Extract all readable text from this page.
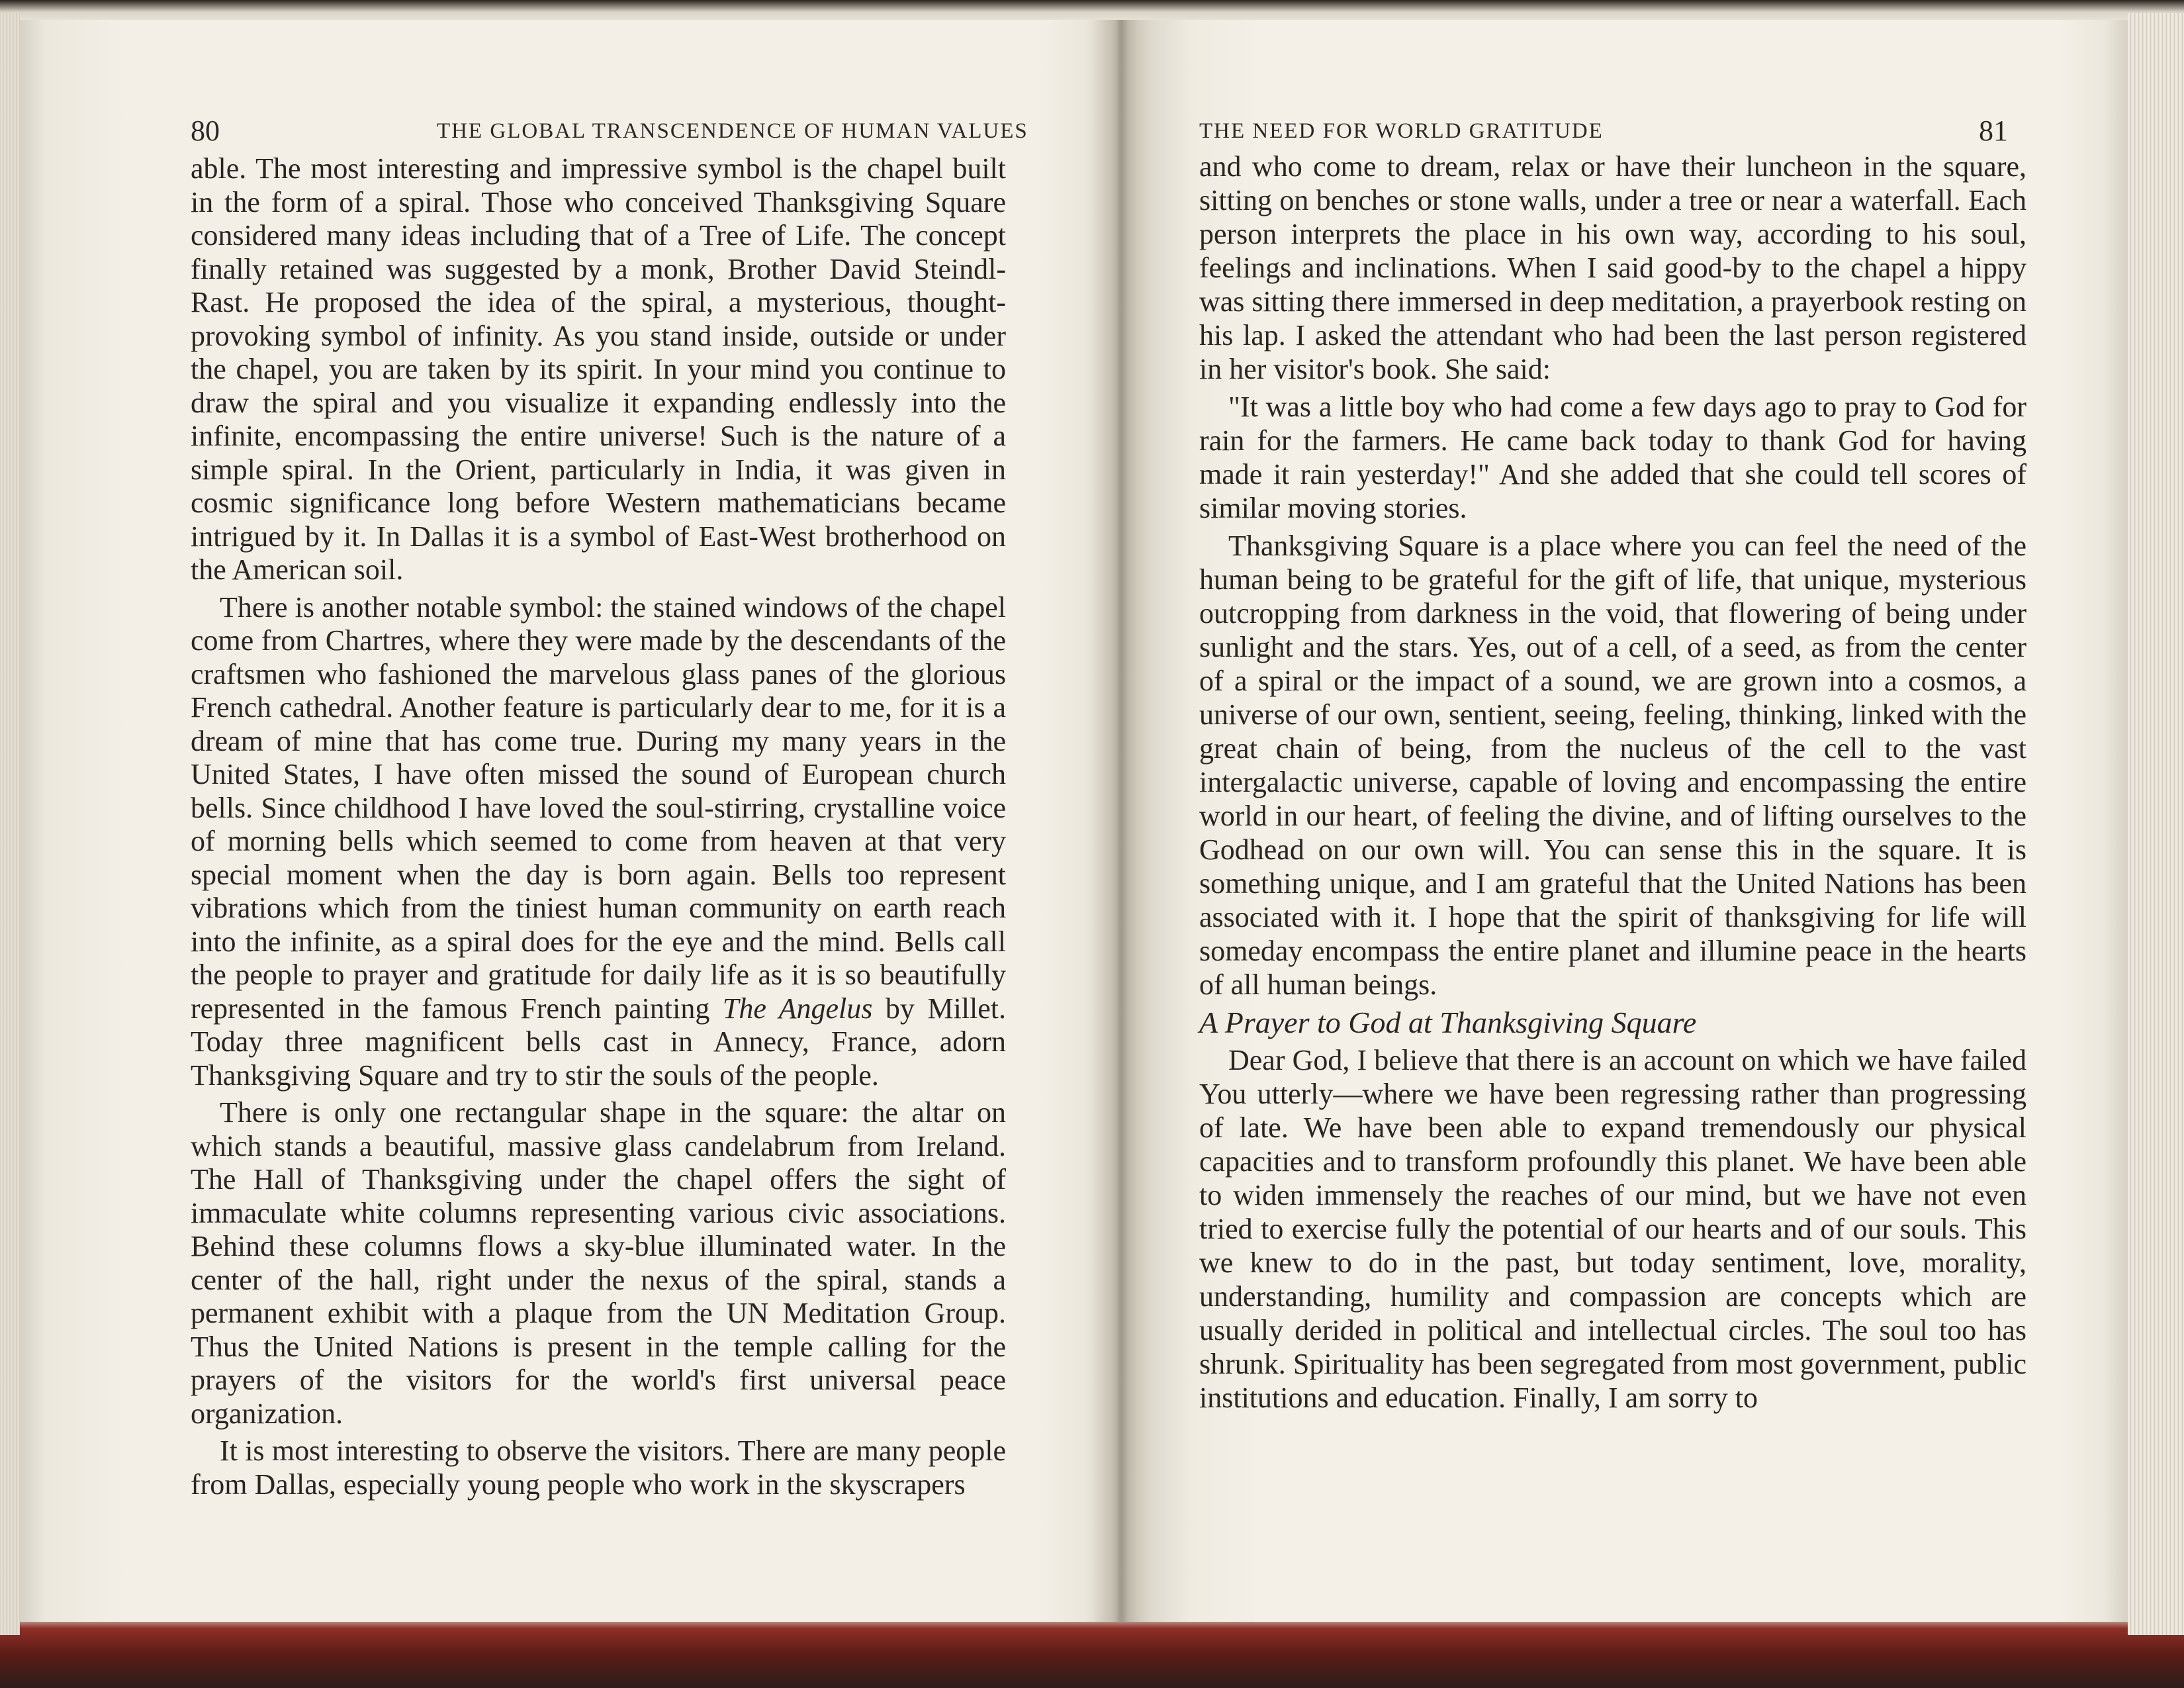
80	THE GLOBAL TRANSCENDENCE OF HUMAN VALUES	THE NEED FOR WORLD GRATITUDE	81

able. The most interesting and impressive symbol is the chapel built in the form of a spiral. Those who conceived Thanksgiving Square considered many ideas including that of a Tree of Life. The concept finally retained was suggested by a monk, Brother David Steindl-Rast. He proposed the idea of the spiral, a mysterious, thought-provoking symbol of infinity. As you stand inside, outside or under the chapel, you are taken by its spirit. In your mind you continue to draw the spiral and you visualize it expanding endlessly into the infinite, encompassing the entire universe! Such is the nature of a simple spiral. In the Orient, particularly in India, it was given in cosmic significance long before Western mathematicians became intrigued by it. In Dallas it is a symbol of East-West brotherhood on the American soil.

There is another notable symbol: the stained windows of the chapel come from Chartres, where they were made by the descendants of the craftsmen who fashioned the marvelous glass panes of the glorious French cathedral. Another feature is particularly dear to me, for it is a dream of mine that has come true. During my many years in the United States, I have often missed the sound of European church bells. Since childhood I have loved the soul-stirring, crystalline voice of morning bells which seemed to come from heaven at that very special moment when the day is born again. Bells too represent vibrations which from the tiniest human community on earth reach into the infinite, as a spiral does for the eye and the mind. Bells call the people to prayer and gratitude for daily life as it is so beautifully represented in the famous French painting The Angelus by Millet. Today three magnificent bells cast in Annecy, France, adorn Thanksgiving Square and try to stir the souls of the people.

There is only one rectangular shape in the square: the altar on which stands a beautiful, massive glass candelabrum from Ireland. The Hall of Thanksgiving under the chapel offers the sight of immaculate white columns representing various civic associations. Behind these columns flows a sky-blue illuminated water. In the center of the hall, right under the nexus of the spiral, stands a permanent exhibit with a plaque from the UN Meditation Group. Thus the United Nations is present in the temple calling for the prayers of the visitors for the world's first universal peace organization.

It is most interesting to observe the visitors. There are many people from Dallas, especially young people who work in the skyscrapers

and who come to dream, relax or have their luncheon in the square, sitting on benches or stone walls, under a tree or near a waterfall. Each person interprets the place in his own way, according to his soul, feelings and inclinations. When I said good-by to the chapel a hippy was sitting there immersed in deep meditation, a prayerbook resting on his lap. I asked the attendant who had been the last person registered in her visitor's book. She said:

"It was a little boy who had come a few days ago to pray to God for rain for the farmers. He came back today to thank God for having made it rain yesterday!" And she added that she could tell scores of similar moving stories.

Thanksgiving Square is a place where you can feel the need of the human being to be grateful for the gift of life, that unique, mysterious outcropping from darkness in the void, that flowering of being under sunlight and the stars. Yes, out of a cell, of a seed, as from the center of a spiral or the impact of a sound, we are grown into a cosmos, a universe of our own, sentient, seeing, feeling, thinking, linked with the great chain of being, from the nucleus of the cell to the vast intergalactic universe, capable of loving and encompassing the entire world in our heart, of feeling the divine, and of lifting ourselves to the Godhead on our own will. You can sense this in the square. It is something unique, and I am grateful that the United Nations has been associated with it. I hope that the spirit of thanksgiving for life will someday encompass the entire planet and illumine peace in the hearts of all human beings.

A Prayer to God at Thanksgiving Square

Dear God, I believe that there is an account on which we have failed You utterly—where we have been regressing rather than progressing of late. We have been able to expand tremendously our physical capacities and to transform profoundly this planet. We have been able to widen immensely the reaches of our mind, but we have not even tried to exercise fully the potential of our hearts and of our souls. This we knew to do in the past, but today sentiment, love, morality, understanding, humility and compassion are concepts which are usually derided in political and intellectual circles. The soul too has shrunk. Spirituality has been segregated from most government, public institutions and education. Finally, I am sorry to
